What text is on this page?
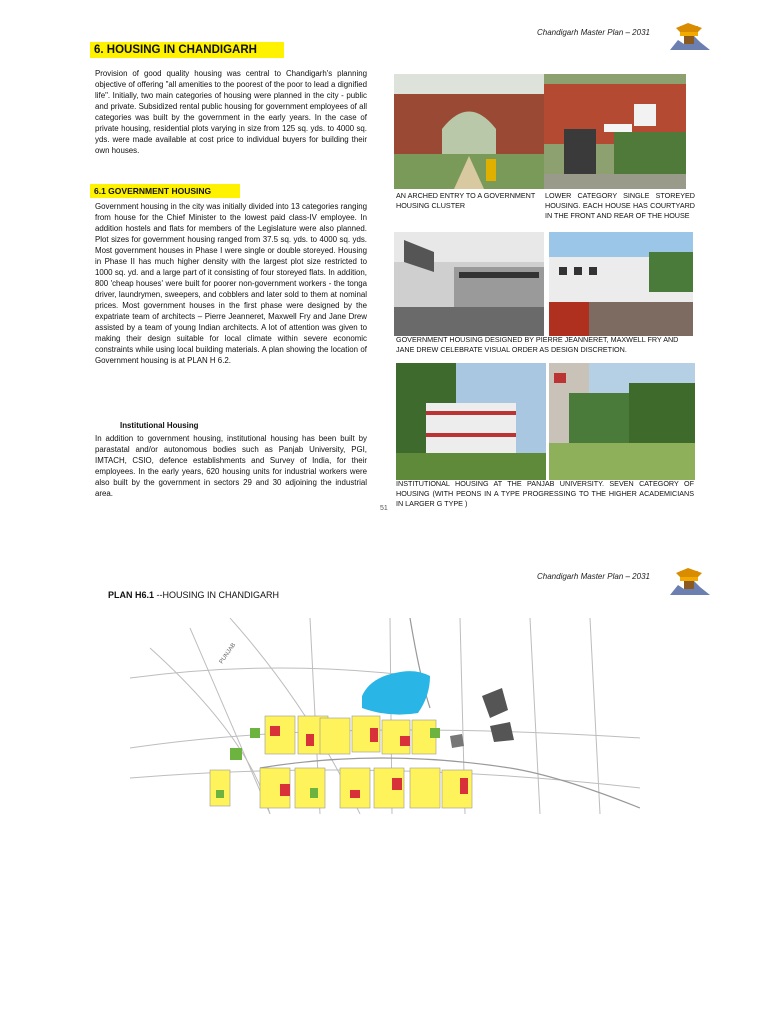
Chandigarh Master Plan – 2031
6. HOUSING IN CHANDIGARH
Provision of good quality housing was central to Chandigarh's planning objective of offering "all amenities to the poorest of the poor to lead a dignified life". Initially, two main categories of housing were planned in the city - public and private. Subsidized rental public housing for government employees of all categories was built by the government in the early years. In the case of private housing, residential plots varying in size from 125 sq. yds. to 4000 sq. yds. were made available at cost price to individual buyers for building their own houses.
6.1 GOVERNMENT HOUSING
Government housing in the city was initially divided into 13 categories ranging from house for the Chief Minister to the lowest paid class-IV employee. In addition hostels and flats for members of the Legislature were also planned. Plot sizes for government housing ranged from 37.5 sq. yds. to 4000 sq. yds. Most government houses in Phase I were single or double storeyed. Housing in Phase II has much higher density with the largest plot size restricted to 1000 sq. yd. and a large part of it consisting of four storeyed flats. In addition, 800 'cheap houses' were built for poorer non-government workers - the tonga driver, laundrymen, sweepers, and cobblers and later sold to them at nominal prices. Most government houses in the first phase were designed by the expatriate team of architects – Pierre Jeanneret, Maxwell Fry and Jane Drew assisted by a team of young Indian architects. A lot of attention was given to making their design suitable for local climate within severe economic constraints while using local building materials. A plan showing the location of Government housing is at PLAN H 6.2.
Institutional Housing
In addition to government housing, institutional housing has been built by parastatal and/or autonomous bodies such as Panjab University, PGI, IMTACH, CSIO, defence establishments and Survey of India, for their employees. In the early years, 620 housing units for industrial workers were also built by the government in sectors 29 and 30 adjoining the industrial area.
51
AN ARCHED ENTRY TO A GOVERNMENT HOUSING CLUSTER
LOWER CATEGORY SINGLE STOREYED HOUSING. EACH HOUSE HAS COURTYARD IN THE FRONT AND REAR OF THE HOUSE
GOVERNMENT HOUSING DESIGNED BY PIERRE JEANNERET, MAXWELL FRY AND JANE DREW CELEBRATE VISUAL ORDER AS DESIGN DISCRETION.
INSTITUTIONAL HOUSING AT THE PANJAB UNIVERSITY. SEVEN CATEGORY OF HOUSING (WITH PEONS IN A TYPE PROGRESSING TO THE HIGHER ACADEMICIANS IN LARGER G TYPE )
Chandigarh Master Plan – 2031
PLAN H6.1 --HOUSING IN CHANDIGARH
PUNJAB
